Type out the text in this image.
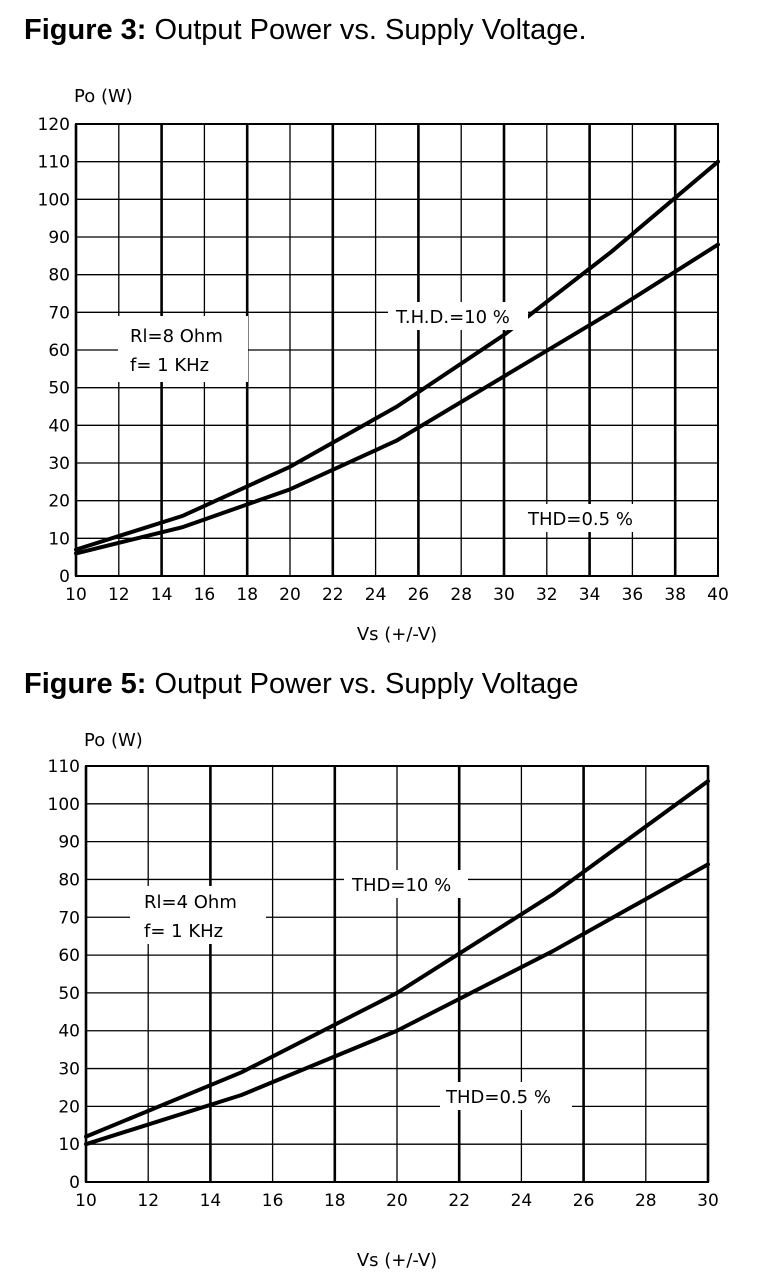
Figure 3: Output Power vs. Supply Voltage.
0
10
20
30
40
50
60
70
80
90
100
110
120
10 12 14 16 18 20 22 24 26 28 30 32 34 36 38 40
Po (W)
Vs (+/-V)
Rl=8 Ohm
f= 1 KHz
T.H.D.=10 %
THD=0.5 %
Figure 5: Output Power vs. Supply Voltage
0
10
20
30
40
50
60
70
80
90
100
110
10 12 14 16 18 20 22 24 26 28 30
Po (W)
Vs (+/-V)
Rl=4 Ohm
f= 1 KHz
THD=10 %
THD=0.5 %
